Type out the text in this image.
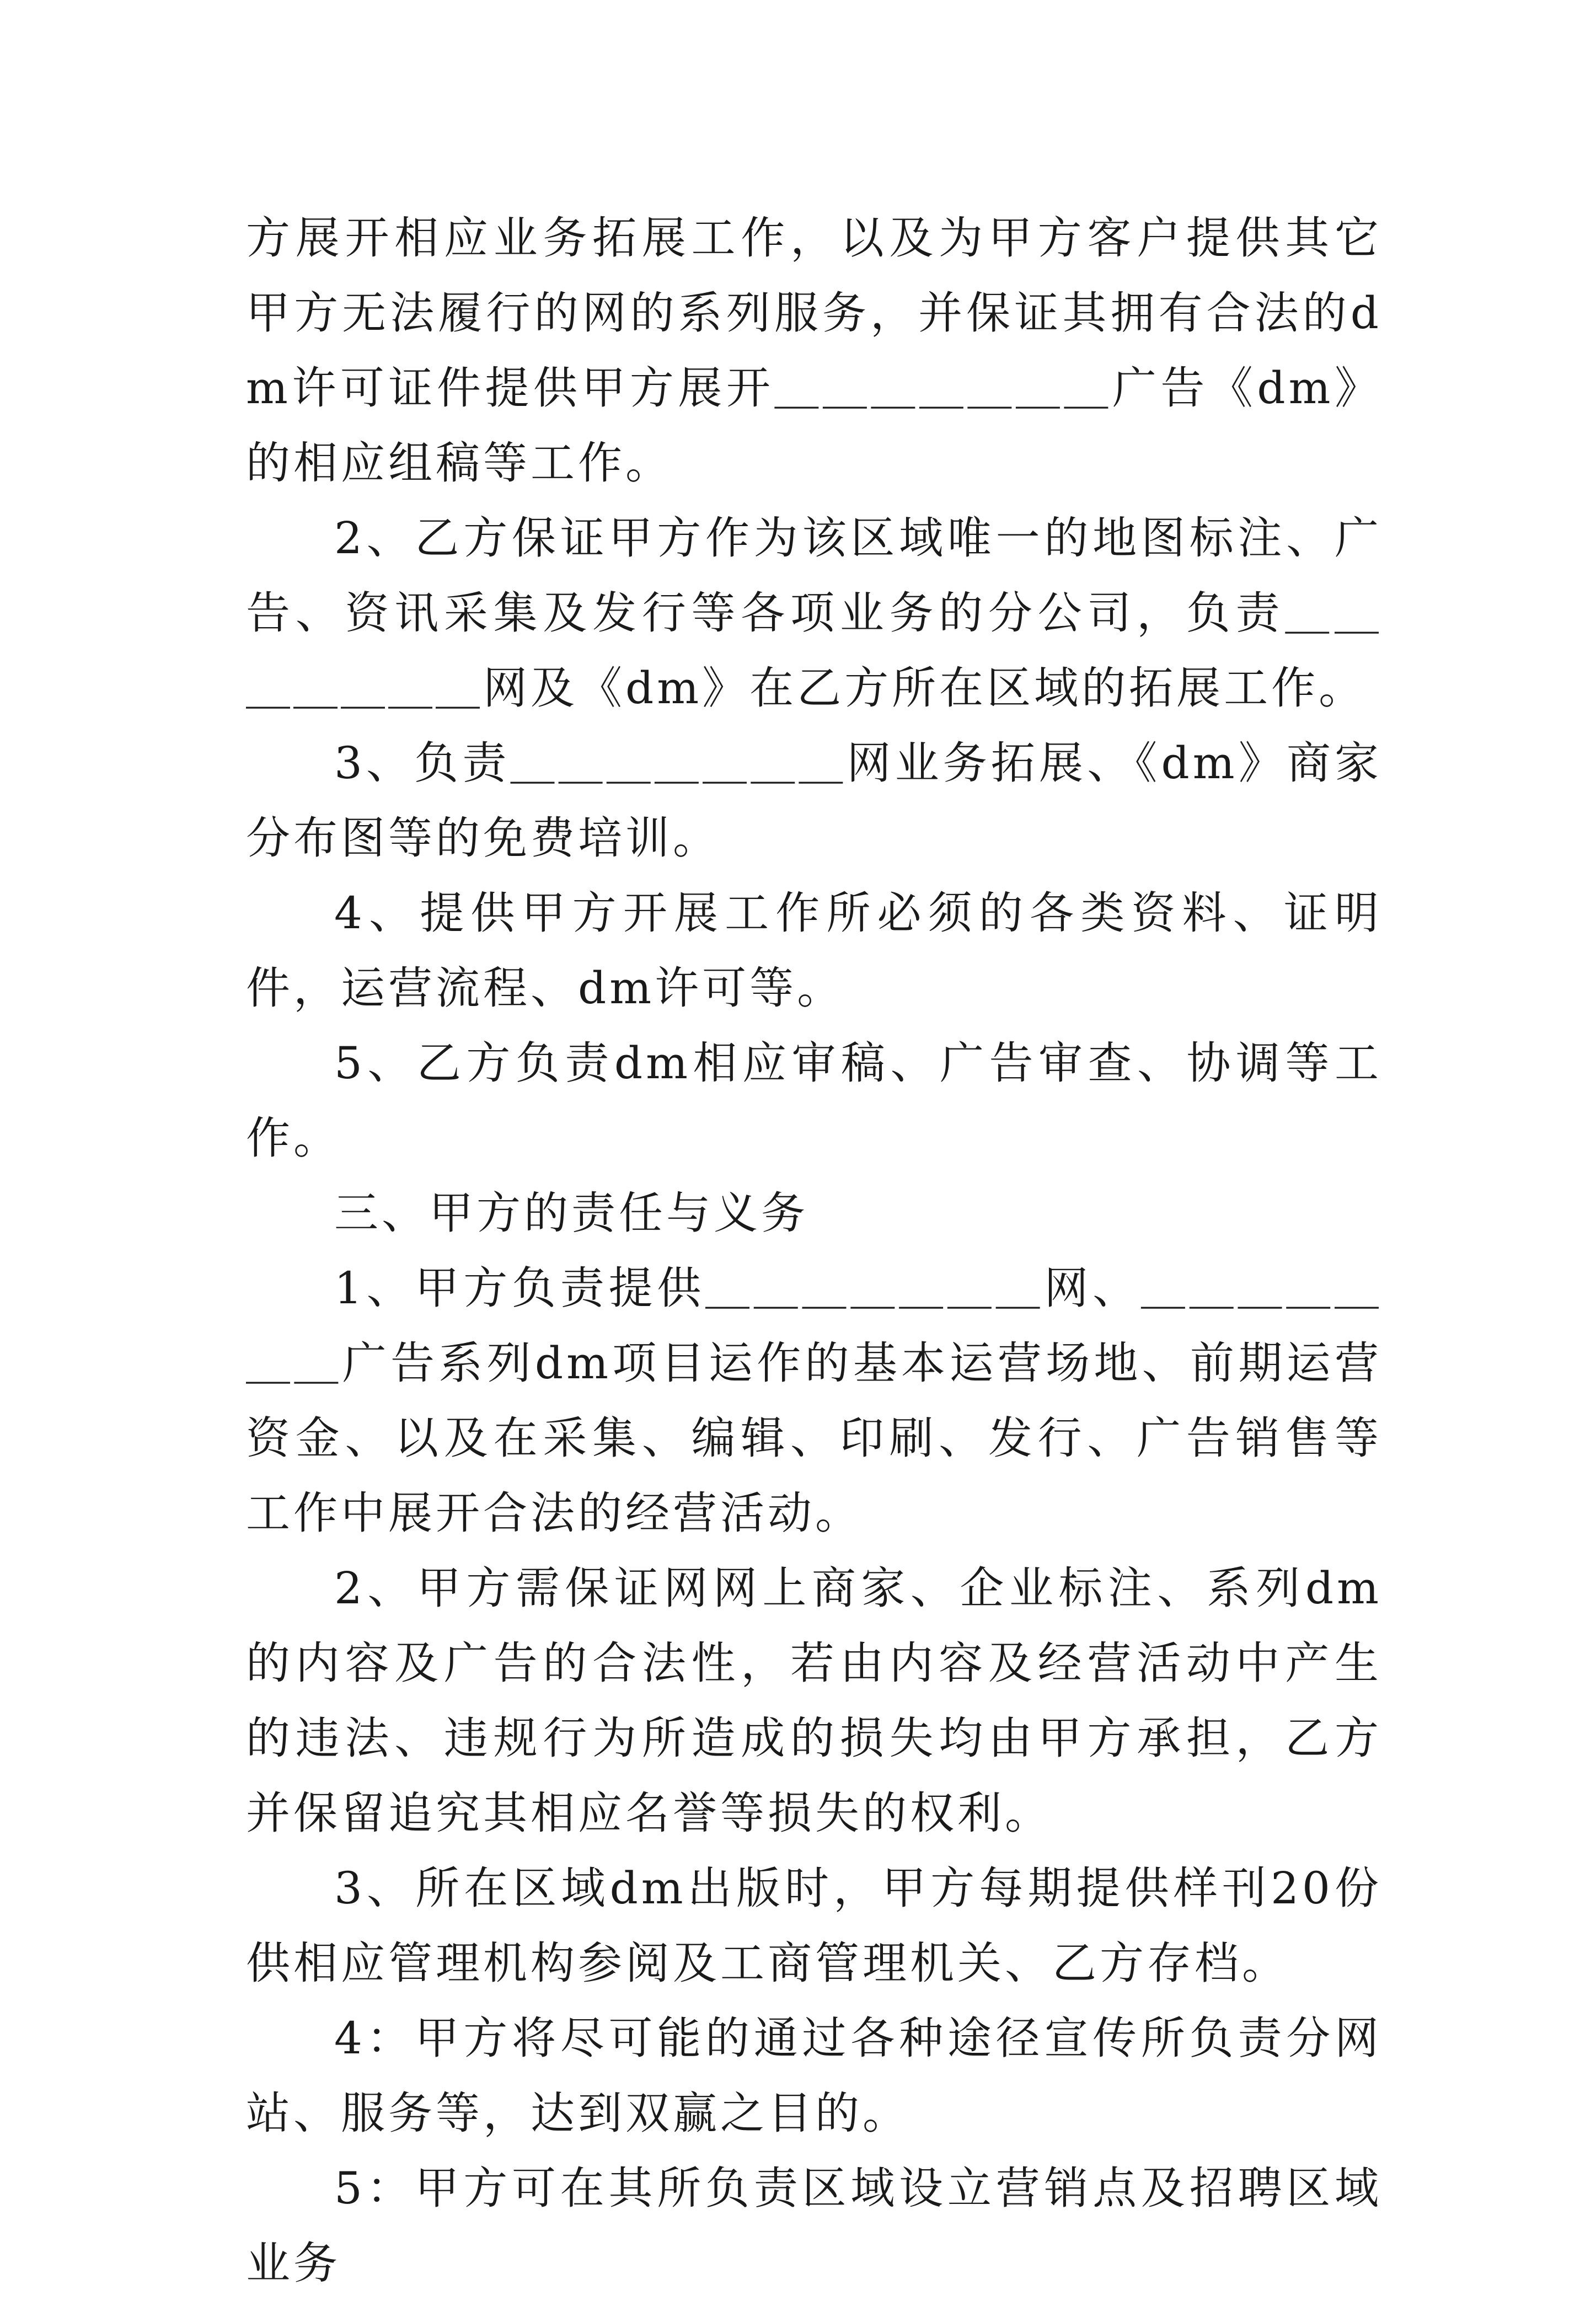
方展开相应业务拓展工作，以及为甲方客户提供其它甲方无法履行的网的系列服务，并保证其拥有合法的dm许可证件提供甲方展开＿＿＿＿＿＿＿广告《dm》的相应组稿等工作。

2、乙方保证甲方作为该区域唯一的地图标注、广告、资讯采集及发行等各项业务的分公司，负责＿＿＿＿＿＿＿网及《dm》在乙方所在区域的拓展工作。

3、负责＿＿＿＿＿＿＿网业务拓展、《dm》商家分布图等的免费培训。

4、提供甲方开展工作所必须的各类资料、证明件，运营流程、dm许可等。

5、乙方负责dm相应审稿、广告审查、协调等工作。

三、甲方的责任与义务

1、甲方负责提供＿＿＿＿＿＿＿网、＿＿＿＿＿＿＿广告系列dm项目运作的基本运营场地、前期运营资金、以及在采集、编辑、印刷、发行、广告销售等工作中展开合法的经营活动。

2、甲方需保证网网上商家、企业标注、系列dm的内容及广告的合法性，若由内容及经营活动中产生的违法、违规行为所造成的损失均由甲方承担，乙方并保留追究其相应名誉等损失的权利。

3、所在区域dm出版时，甲方每期提供样刊20份供相应管理机构参阅及工商管理机关、乙方存档。

4：甲方将尽可能的通过各种途径宣传所负责分网站、服务等，达到双赢之目的。

5：甲方可在其所负责区域设立营销点及招聘区域业务
